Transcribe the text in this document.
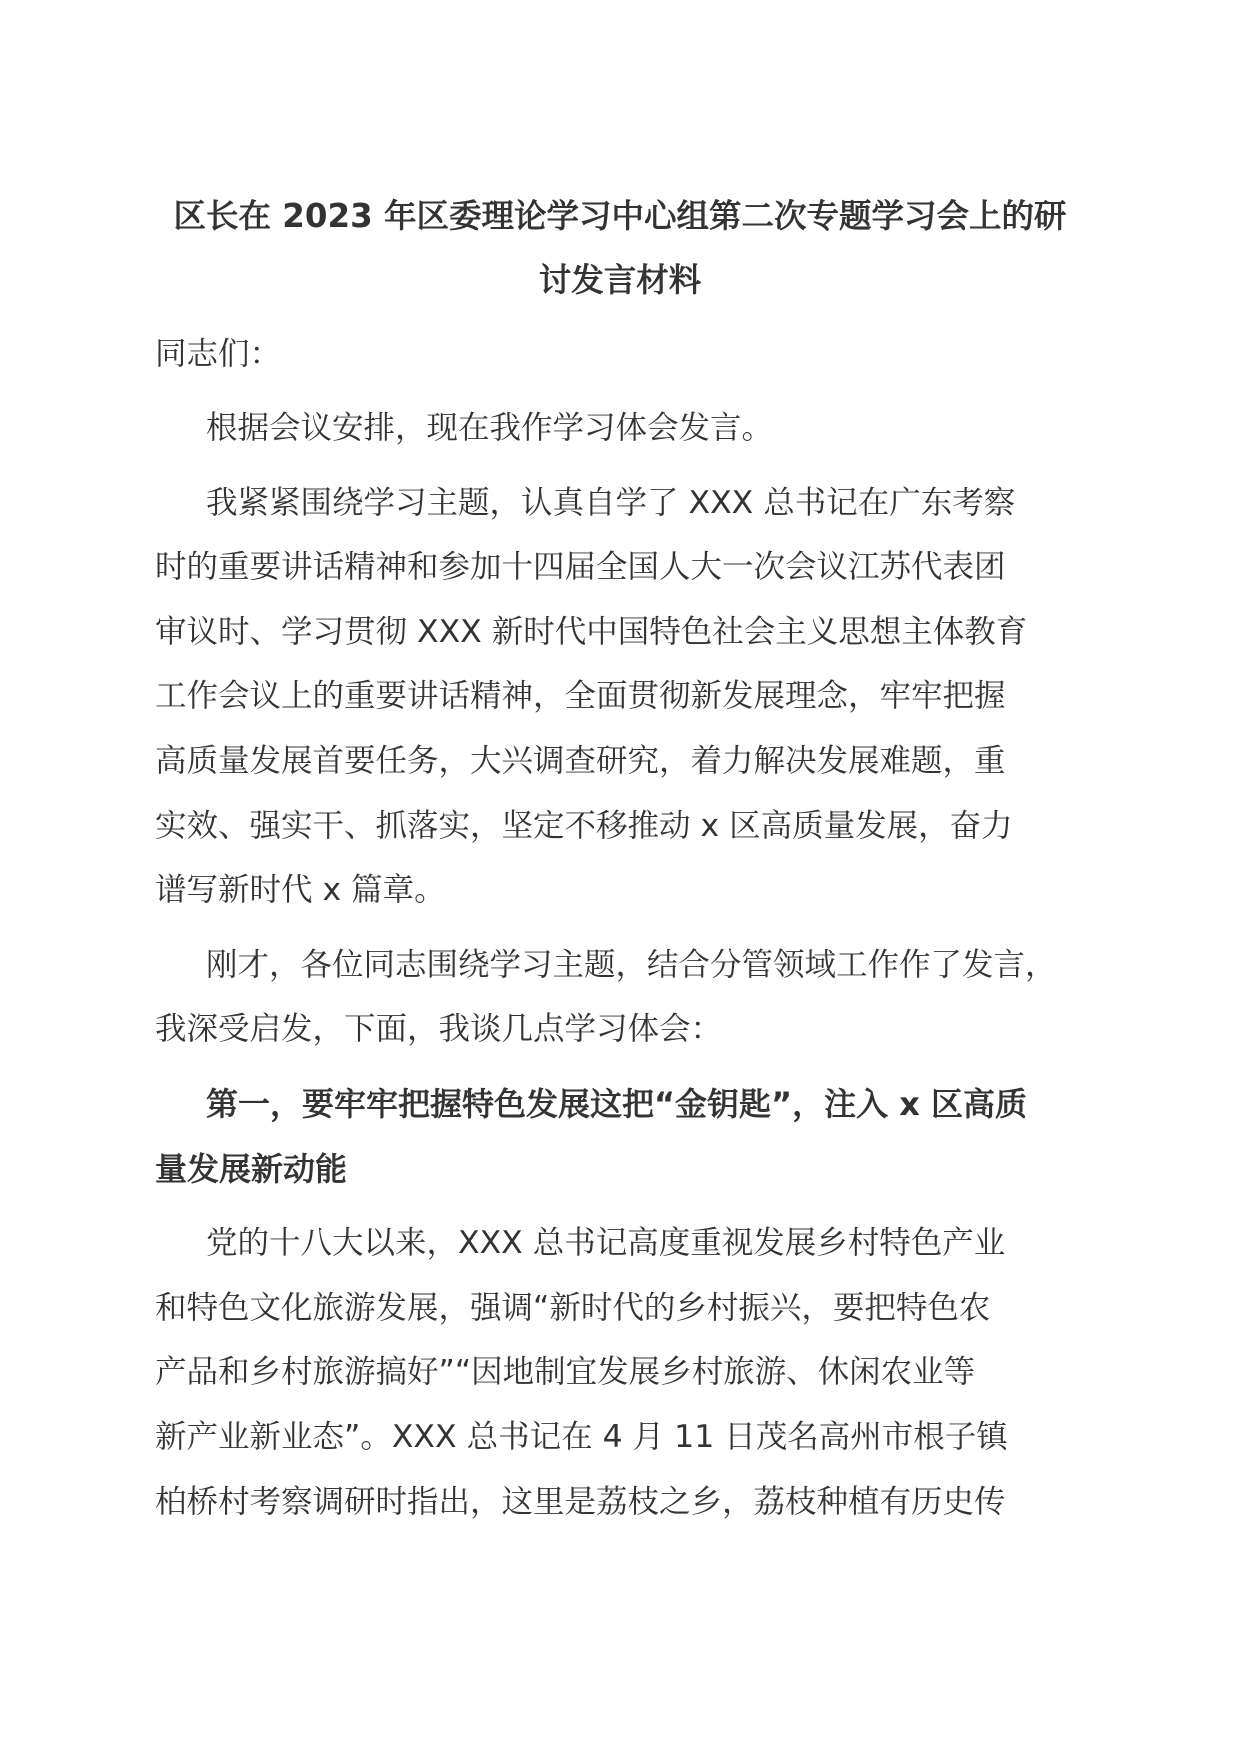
区长在 2023 年区委理论学习中心组第二次专题学习会上的研
讨发言材料

同志们：

根据会议安排，现在我作学习体会发言。

我紧紧围绕学习主题，认真自学了 XXX 总书记在广东考察
时的重要讲话精神和参加十四届全国人大一次会议江苏代表团
审议时、学习贯彻 XXX 新时代中国特色社会主义思想主体教育
工作会议上的重要讲话精神，全面贯彻新发展理念，牢牢把握
高质量发展首要任务，大兴调查研究，着力解决发展难题，重
实效、强实干、抓落实，坚定不移推动 x 区高质量发展，奋力
谱写新时代 x 篇章。

刚才，各位同志围绕学习主题，结合分管领域工作作了发言，
我深受启发，下面，我谈几点学习体会：

第一，要牢牢把握特色发展这把“金钥匙”，注入 x 区高质
量发展新动能

党的十八大以来，XXX 总书记高度重视发展乡村特色产业
和特色文化旅游发展，强调“新时代的乡村振兴，要把特色农
产品和乡村旅游搞好”“因地制宜发展乡村旅游、休闲农业等
新产业新业态”。XXX 总书记在 4 月 11 日茂名高州市根子镇
柏桥村考察调研时指出，这里是荔枝之乡，荔枝种植有历史传
